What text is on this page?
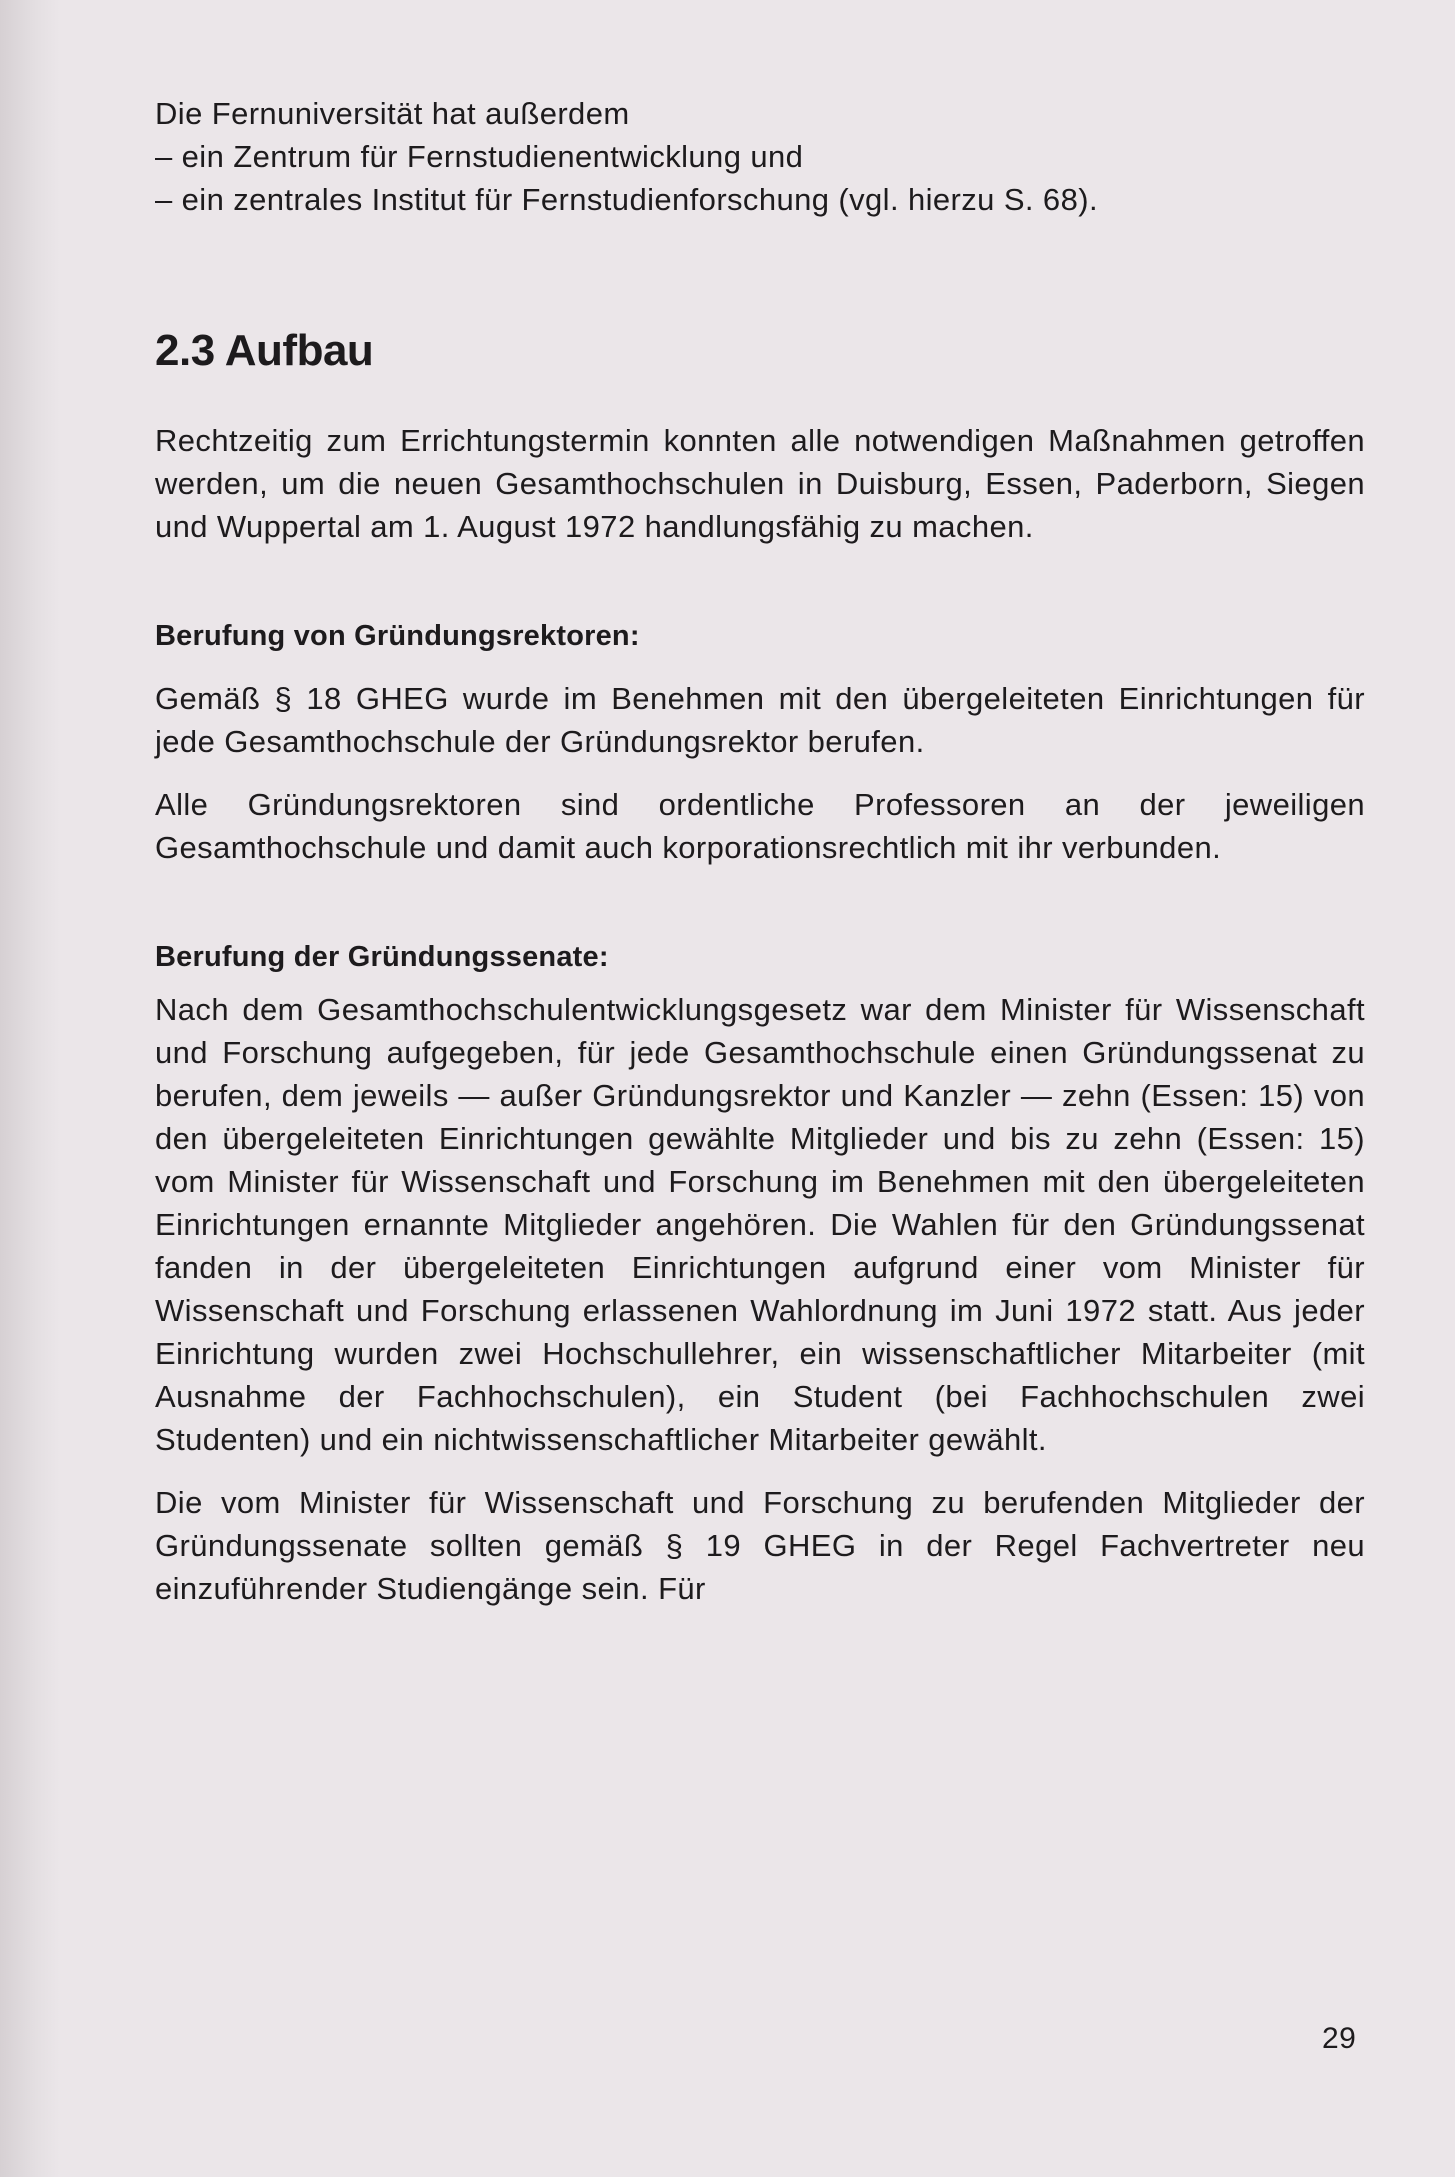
Die Fernuniversität hat außerdem

– ein Zentrum für Fernstudienentwicklung und

– ein zentrales Institut für Fernstudienforschung (vgl. hierzu S. 68).

2.3 Aufbau

Rechtzeitig zum Errichtungstermin konnten alle notwendigen Maßnahmen getroffen werden, um die neuen Gesamthochschulen in Duisburg, Essen, Paderborn, Siegen und Wuppertal am 1. August 1972 handlungsfähig zu machen.

Berufung von Gründungsrektoren:

Gemäß § 18 GHEG wurde im Benehmen mit den übergeleiteten Einrichtungen für jede Gesamthochschule der Gründungsrektor berufen.

Alle Gründungsrektoren sind ordentliche Professoren an der jeweiligen Gesamthochschule und damit auch korporationsrechtlich mit ihr verbunden.

Berufung der Gründungssenate:

Nach dem Gesamthochschulentwicklungsgesetz war dem Minister für Wissenschaft und Forschung aufgegeben, für jede Gesamthochschule einen Gründungssenat zu berufen, dem jeweils — außer Gründungsrektor und Kanzler — zehn (Essen: 15) von den übergeleiteten Einrichtungen gewählte Mitglieder und bis zu zehn (Essen: 15) vom Minister für Wissenschaft und Forschung im Benehmen mit den übergeleiteten Einrichtungen ernannte Mitglieder angehören. Die Wahlen für den Gründungssenat fanden in der übergeleiteten Einrichtungen aufgrund einer vom Minister für Wissenschaft und Forschung erlassenen Wahlordnung im Juni 1972 statt. Aus jeder Einrichtung wurden zwei Hochschullehrer, ein wissenschaftlicher Mitarbeiter (mit Ausnahme der Fachhochschulen), ein Student (bei Fachhochschulen zwei Studenten) und ein nichtwissenschaftlicher Mitarbeiter gewählt.

Die vom Minister für Wissenschaft und Forschung zu berufenden Mitglieder der Gründungssenate sollten gemäß § 19 GHEG in der Regel Fachvertreter neu einzuführender Studiengänge sein. Für

29
